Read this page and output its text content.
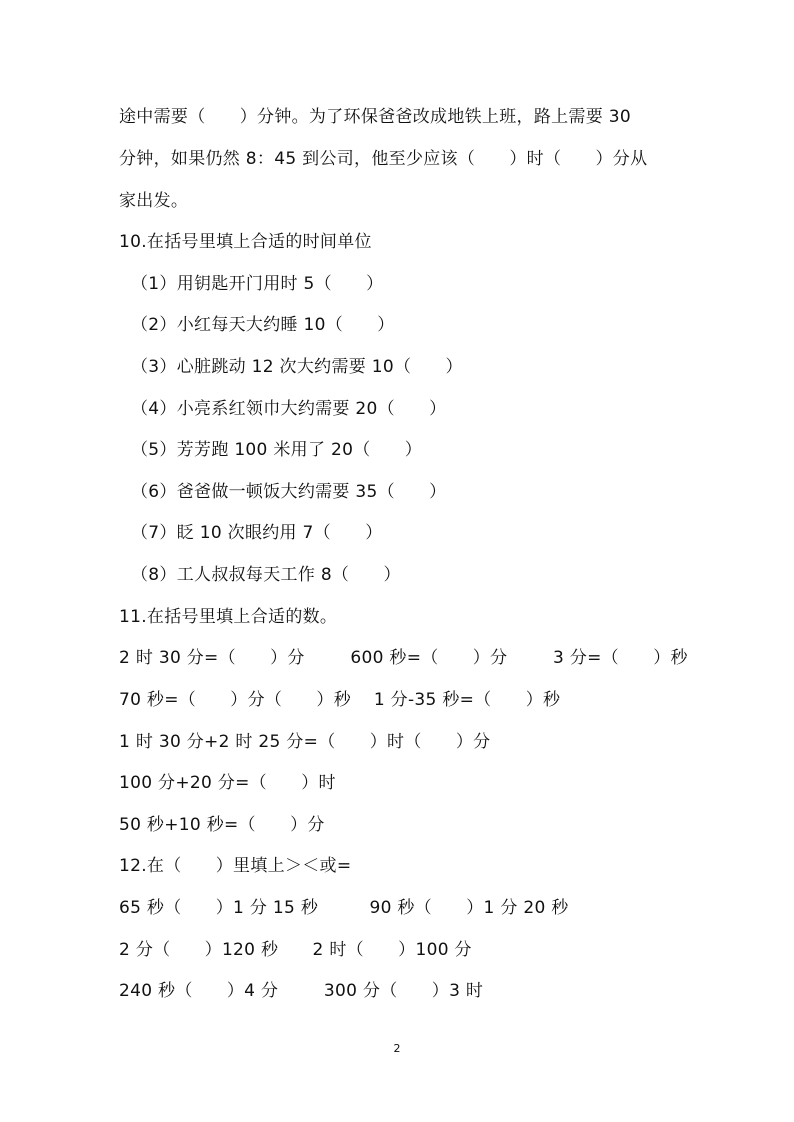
途中需要（      ）分钟。为了环保爸爸改成地铁上班，路上需要 30
分钟，如果仍然 8：45 到公司，他至少应该（      ）时（      ）分从
家出发。
10.在括号里填上合适的时间单位
（1）用钥匙开门用时 5（      ）
（2）小红每天大约睡 10（      ）
（3）心脏跳动 12 次大约需要 10（      ）
（4）小亮系红领巾大约需要 20（      ）
（5）芳芳跑 100 米用了 20（      ）
（6）爸爸做一顿饭大约需要 35（      ）
（7）眨 10 次眼约用 7（      ）
（8）工人叔叔每天工作 8（      ）
11.在括号里填上合适的数。
2 时 30 分=（      ）分        600 秒=（      ）分        3 分=（      ）秒
70 秒=（      ）分（      ）秒    1 分-35 秒=（      ）秒
1 时 30 分+2 时 25 分=（      ）时（      ）分
100 分+20 分=（      ）时
50 秒+10 秒=（      ）分
12.在（      ）里填上＞＜或=
65 秒（      ）1 分 15 秒         90 秒（      ）1 分 20 秒
2 分（      ）120 秒      2 时（      ）100 分
240 秒（      ）4 分        300 分（      ）3 时
2
